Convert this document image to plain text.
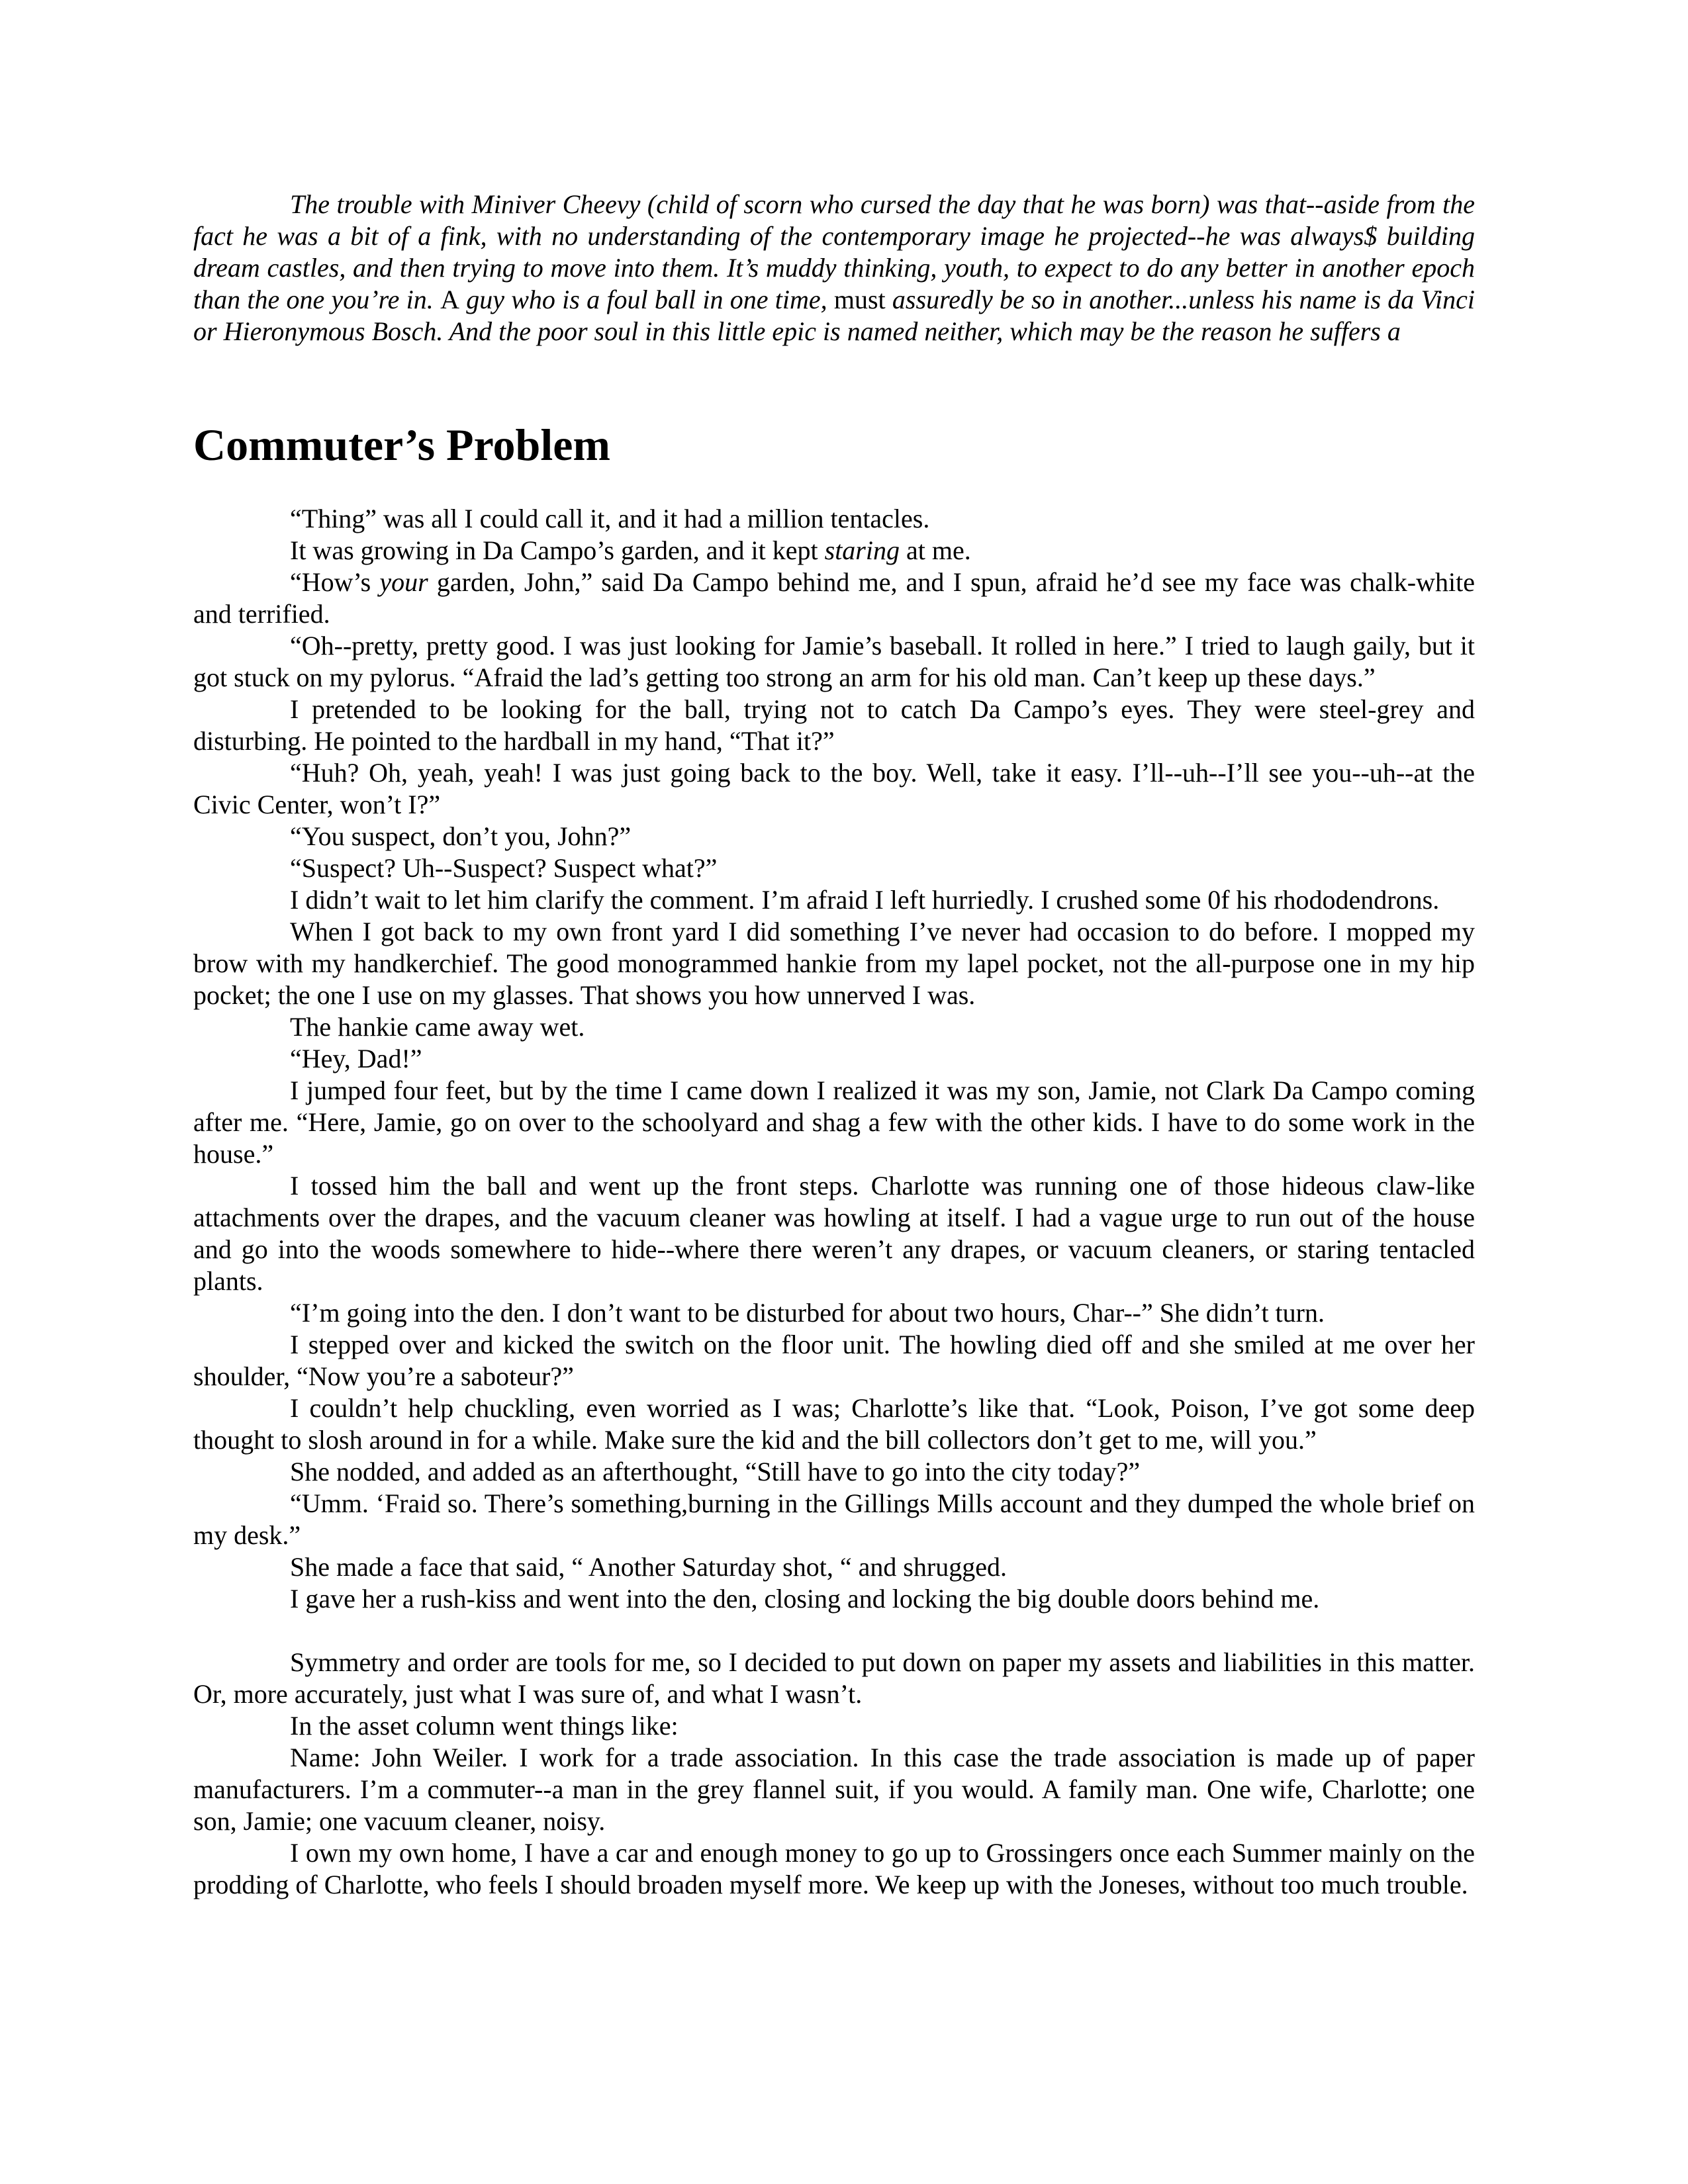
The trouble with Miniver Cheevy (child of scorn who cursed the day that he was born) was that--aside from the fact he was a bit of a fink, with no understanding of the contemporary image he projected--he was always$ building dream castles, and then trying to move into them. It’s muddy thinking, youth, to expect to do any better in another epoch than the one you’re in. A guy who is a foul ball in one time, must assuredly be so in another...unless his name is da Vinci or Hieronymous Bosch. And the poor soul in this little epic is named neither, which may be the reason he suffers a

Commuter’s Problem

“Thing” was all I could call it, and it had a million tentacles.

It was growing in Da Campo’s garden, and it kept staring at me.

“How’s your garden, John,” said Da Campo behind me, and I spun, afraid he’d see my face was chalk-white and terrified.

“Oh--pretty, pretty good. I was just looking for Jamie’s baseball. It rolled in here.” I tried to laugh gaily, but it got stuck on my pylorus. “Afraid the lad’s getting too strong an arm for his old man. Can’t keep up these days.”

I pretended to be looking for the ball, trying not to catch Da Campo’s eyes. They were steel-grey and disturbing. He pointed to the hardball in my hand, “That it?”

“Huh? Oh, yeah, yeah! I was just going back to the boy. Well, take it easy. I’ll--uh--I’ll see you--uh--at the Civic Center, won’t I?”

“You suspect, don’t you, John?”

“Suspect? Uh--Suspect? Suspect what?”

I didn’t wait to let him clarify the comment. I’m afraid I left hurriedly. I crushed some 0f his rhododendrons.

When I got back to my own front yard I did something I’ve never had occasion to do before. I mopped my brow with my handkerchief. The good monogrammed hankie from my lapel pocket, not the all-purpose one in my hip pocket; the one I use on my glasses. That shows you how unnerved I was.

The hankie came away wet.

“Hey, Dad!”

I jumped four feet, but by the time I came down I realized it was my son, Jamie, not Clark Da Campo coming after me. “Here, Jamie, go on over to the schoolyard and shag a few with the other kids. I have to do some work in the house.”

I tossed him the ball and went up the front steps. Charlotte was running one of those hideous claw-like attachments over the drapes, and the vacuum cleaner was howling at itself. I had a vague urge to run out of the house and go into the woods somewhere to hide--where there weren’t any drapes, or vacuum cleaners, or staring tentacled plants.

“I’m going into the den. I don’t want to be disturbed for about two hours, Char--” She didn’t turn.

I stepped over and kicked the switch on the floor unit. The howling died off and she smiled at me over her shoulder, “Now you’re a saboteur?”

I couldn’t help chuckling, even worried as I was; Charlotte’s like that. “Look, Poison, I’ve got some deep thought to slosh around in for a while. Make sure the kid and the bill collectors don’t get to me, will you.”

She nodded, and added as an afterthought, “Still have to go into the city today?”

“Umm. ‘Fraid so. There’s something,burning in the Gillings Mills account and they dumped the whole brief on my desk.”

She made a face that said, “ Another Saturday shot, “ and shrugged.

I gave her a rush-kiss and went into the den, closing and locking the big double doors behind me.

Symmetry and order are tools for me, so I decided to put down on paper my assets and liabilities in this matter. Or, more accurately, just what I was sure of, and what I wasn’t.

In the asset column went things like:

Name: John Weiler. I work for a trade association. In this case the trade association is made up of paper manufacturers. I’m a commuter--a man in the grey flannel suit, if you would. A family man. One wife, Charlotte; one son, Jamie; one vacuum cleaner, noisy.

I own my own home, I have a car and enough money to go up to Grossingers once each Summer mainly on the prodding of Charlotte, who feels I should broaden myself more. We keep up with the Joneses, without too much trouble.
